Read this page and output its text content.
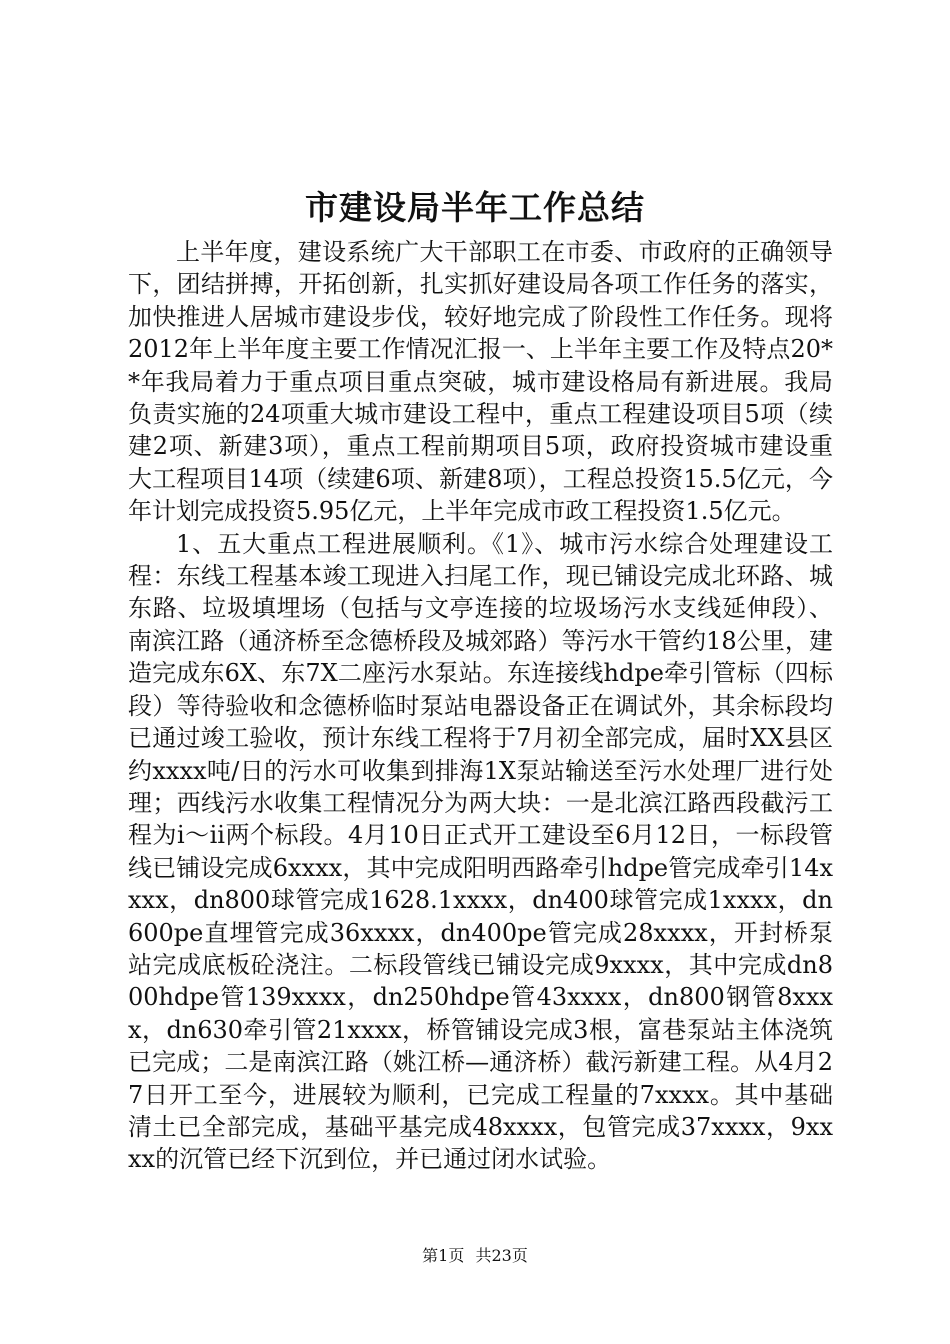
市建设局半年工作总结

上半年度，建设系统广大干部职工在市委、市政府的正确领导下，团结拼搏，开拓创新，扎实抓好建设局各项工作任务的落实，加快推进人居城市建设步伐，较好地完成了阶段性工作任务。现将2012年上半年度主要工作情况汇报一、上半年主要工作及特点20**年我局着力于重点项目重点突破，城市建设格局有新进展。我局负责实施的24项重大城市建设工程中，重点工程建设项目5项（续建2项、新建3项），重点工程前期项目5项，政府投资城市建设重大工程项目14项（续建6项、新建8项），工程总投资15.5亿元，今年计划完成投资5.95亿元，上半年完成市政工程投资1.5亿元。

1、五大重点工程进展顺利。《1》、城市污水综合处理建设工程：东线工程基本竣工现进入扫尾工作，现已铺设完成北环路、城东路、垃圾填埋场（包括与文亭连接的垃圾场污水支线延伸段）、南滨江路（通济桥至念德桥段及城郊路）等污水干管约18公里，建造完成东6X、东7X二座污水泵站。东连接线hdpe牵引管标（四标段）等待验收和念德桥临时泵站电器设备正在调试外，其余标段均已通过竣工验收，预计东线工程将于7月初全部完成，届时XX县区约xxxx吨/日的污水可收集到排海1X泵站输送至污水处理厂进行处理；西线污水收集工程情况分为两大块：一是北滨江路西段截污工程为ⅰ～ⅱ两个标段。4月10日正式开工建设至6月12日，一标段管线已铺设完成6xxxx，其中完成阳明西路牵引hdpe管完成牵引14xxxx，dn800球管完成1628.1xxxx，dn400球管完成1xxxx，dn600pe直埋管完成36xxxx，dn400pe管完成28xxxx，开封桥泵站完成底板砼浇注。二标段管线已铺设完成9xxxx，其中完成dn800hdpe管139xxxx，dn250hdpe管43xxxx，dn800钢管8xxxx，dn630牵引管21xxxx，桥管铺设完成3根，富巷泵站主体浇筑已完成；二是南滨江路（姚江桥—通济桥）截污新建工程。从4月27日开工至今，进展较为顺利，已完成工程量的7xxxx。其中基础清土已全部完成，基础平基完成48xxxx，包管完成37xxxx，9xxxx的沉管已经下沉到位，并已通过闭水试验。

第1页 共23页
